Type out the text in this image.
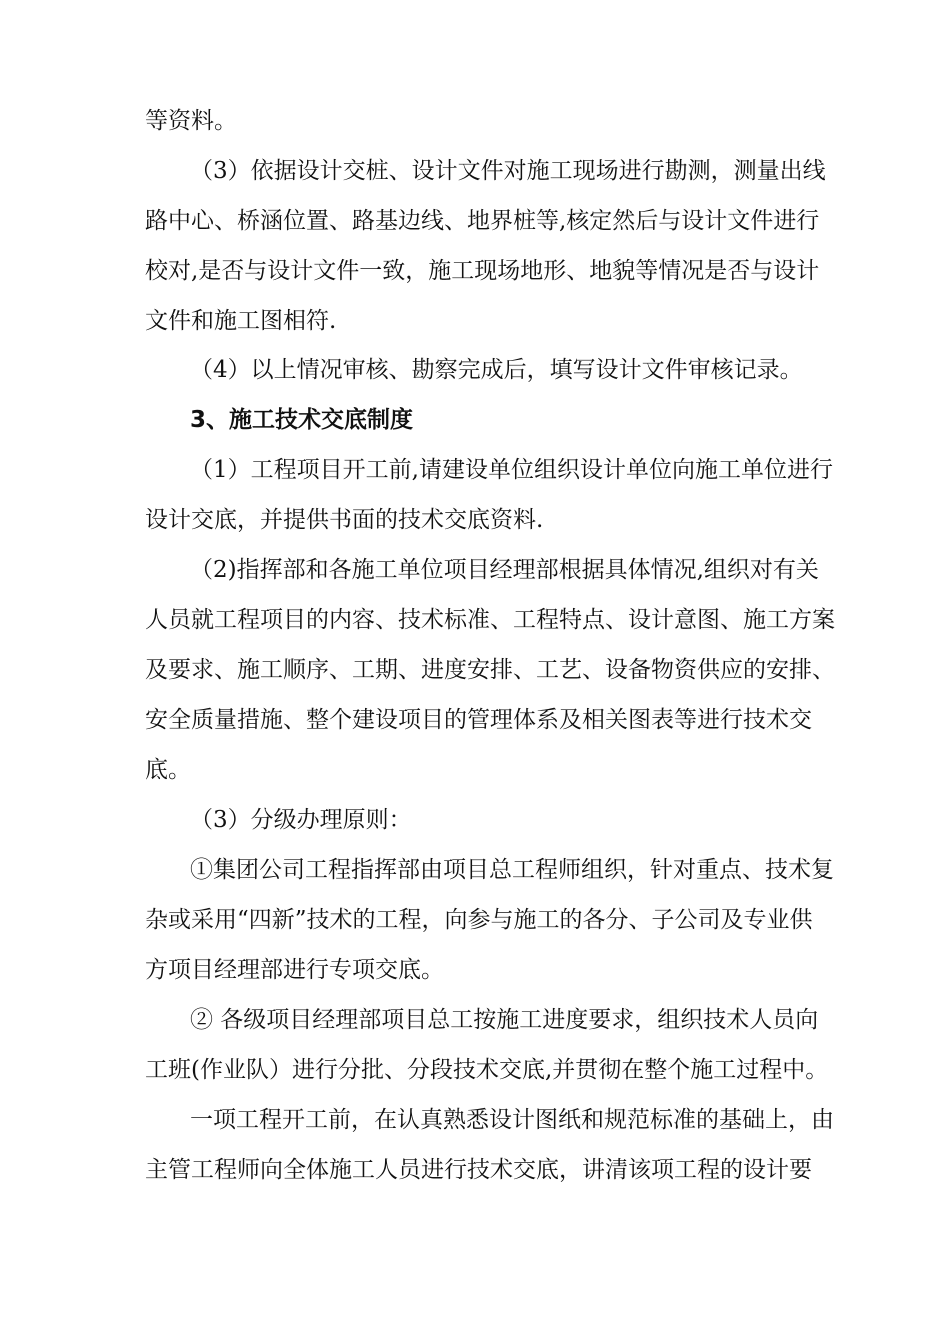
等资料。
（3）依据设计交桩、设计文件对施工现场进行勘测，测量出线
路中心、桥涵位置、路基边线、地界桩等,核定然后与设计文件进行
校对,是否与设计文件一致，施工现场地形、地貌等情况是否与设计
文件和施工图相符.
（4）以上情况审核、勘察完成后，填写设计文件审核记录。
3、施工技术交底制度
（1）工程项目开工前,请建设单位组织设计单位向施工单位进行
设计交底，并提供书面的技术交底资料.
（2)指挥部和各施工单位项目经理部根据具体情况,组织对有关
人员就工程项目的内容、技术标准、工程特点、设计意图、施工方案
及要求、施工顺序、工期、进度安排、工艺、设备物资供应的安排、
安全质量措施、整个建设项目的管理体系及相关图表等进行技术交
底。
（3）分级办理原则：
①集团公司工程指挥部由项目总工程师组织，针对重点、技术复
杂或采用“四新”技术的工程，向参与施工的各分、子公司及专业供
方项目经理部进行专项交底。
② 各级项目经理部项目总工按施工进度要求，组织技术人员向
工班(作业队）进行分批、分段技术交底,并贯彻在整个施工过程中。
一项工程开工前，在认真熟悉设计图纸和规范标准的基础上，由
主管工程师向全体施工人员进行技术交底，讲清该项工程的设计要
